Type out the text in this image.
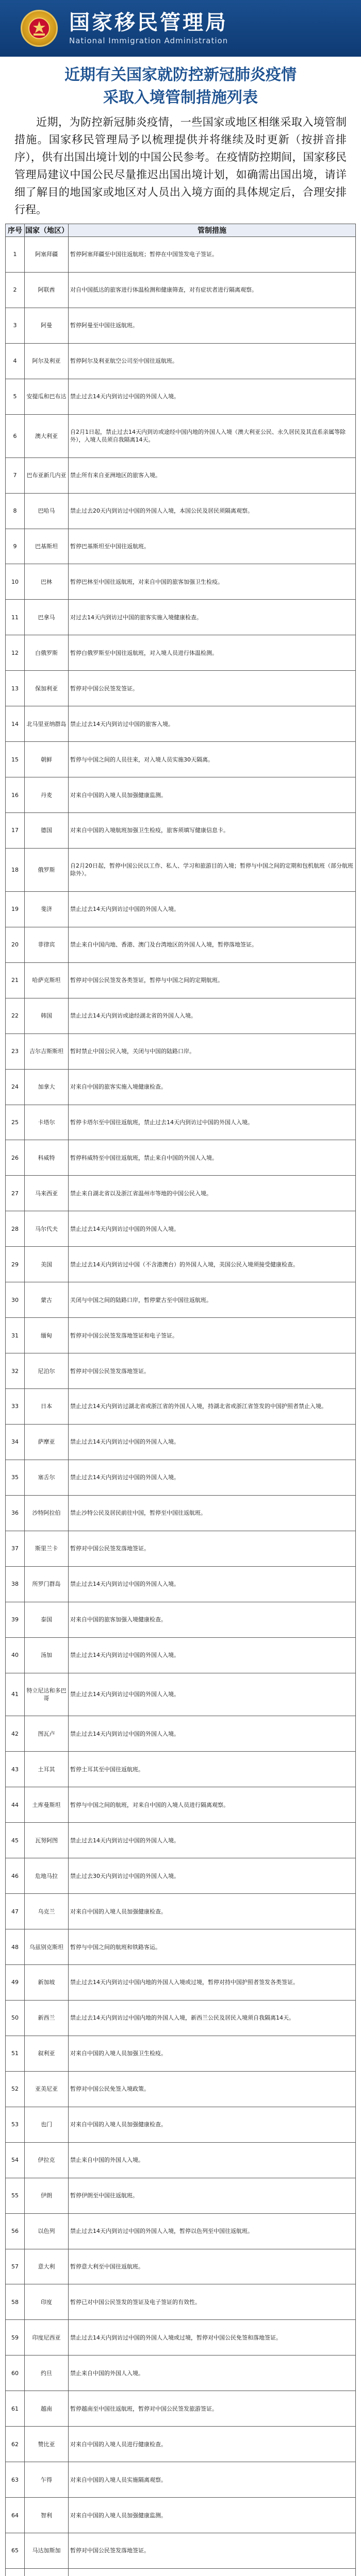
国家移民管理局
National Immigration Administration
近期有关国家就防控新冠肺炎疫情
采取入境管制措施列表
近期，为防控新冠肺炎疫情，一些国家或地区相继采取入境管制措施。国家移民管理局予以梳理提供并将继续及时更新（按拼音排序），供有出国出境计划的中国公民参考。在疫情防控期间，国家移民管理局建议中国公民尽量推迟出国出境计划，如确需出国出境，请详细了解目的地国家或地区对人员出入境方面的具体规定后，合理安排行程。
序号	国家（地区）	管制措施
1	阿塞拜疆	暂停阿塞拜疆至中国往返航班；暂停在中国签发电子签证。
2	阿联酋	对自中国抵达的旅客进行体温检测和健康筛查，对有症状者进行隔离观察。
3	阿曼	暂停阿曼至中国往返航班。
4	阿尔及利亚	暂停阿尔及利亚航空公司至中国往返航班。
5	安提瓜和巴布达	禁止过去14天内到访过中国的外国人入境。
6	澳大利亚	自2月1日起，禁止过去14天内到访或途经中国内地的外国人入境（澳大利亚公民、永久居民及其直系亲属等除外），入境人员须自我隔离14天。
7	巴布亚新几内亚	禁止所有来自亚洲地区的旅客入境。
8	巴哈马	禁止过去20天内到访过中国的外国人入境，本国公民及居民须隔离观察。
9	巴基斯坦	暂停巴基斯坦至中国往返航班。
10	巴林	暂停巴林至中国往返航班，对来自中国的旅客加强卫生检疫。
11	巴拿马	对过去14天内到访过中国的旅客实施入境健康检查。
12	白俄罗斯	暂停白俄罗斯至中国往返航班，对入境人员进行体温检测。
13	保加利亚	暂停对中国公民签发签证。
14	北马里亚纳群岛	禁止过去14天内到访过中国的旅客入境。
15	朝鲜	暂停与中国之间的人员往来，对入境人员实施30天隔离。
16	丹麦	对来自中国的入境人员加强健康监测。
17	德国	对来自中国的入境航班加强卫生检疫，旅客须填写健康信息卡。
18	俄罗斯	自2月20日起，暂停中国公民以工作、私人、学习和旅游目的入境；暂停与中国之间的定期和包机航班（部分航班除外）。
19	斐济	禁止过去14天内到访过中国的外国人入境。
20	菲律宾	禁止来自中国内地、香港、澳门及台湾地区的外国人入境，暂停落地签证。
21	哈萨克斯坦	暂停对中国公民签发各类签证，暂停与中国之间的定期航班。
22	韩国	禁止过去14天内到访或途经湖北省的外国人入境。
23	吉尔吉斯斯坦	暂时禁止中国公民入境，关闭与中国的陆路口岸。
24	加拿大	对来自中国的旅客实施入境健康检查。
25	卡塔尔	暂停卡塔尔至中国往返航班，禁止过去14天内到访过中国的外国人入境。
26	科威特	暂停科威特至中国往返航班，禁止来自中国的外国人入境。
27	马来西亚	禁止来自湖北省以及浙江省温州市等地的中国公民入境。
28	马尔代夫	禁止过去14天内到访过中国的外国人入境。
29	美国	禁止过去14天内到访过中国（不含港澳台）的外国人入境，美国公民入境须接受健康检查。
30	蒙古	关闭与中国之间的陆路口岸，暂停蒙古至中国往返航班。
31	缅甸	暂停对中国公民签发落地签证和电子签证。
32	尼泊尔	暂停对中国公民签发落地签证。
33	日本	禁止过去14天内到访过湖北省或浙江省的外国人入境，持湖北省或浙江省签发的中国护照者禁止入境。
34	萨摩亚	禁止过去14天内到访过中国的外国人入境。
35	塞舌尔	禁止过去14天内到访过中国的外国人入境。
36	沙特阿拉伯	禁止沙特公民及居民前往中国，暂停至中国往返航班。
37	斯里兰卡	暂停对中国公民签发落地签证。
38	所罗门群岛	禁止过去14天内到访过中国的外国人入境。
39	泰国	对来自中国的旅客加强入境健康检查。
40	汤加	禁止过去14天内到访过中国的外国人入境。
41	特立尼达和多巴哥	禁止过去14天内到访过中国的外国人入境。
42	图瓦卢	禁止过去14天内到访过中国的外国人入境。
43	土耳其	暂停土耳其至中国往返航班。
44	土库曼斯坦	暂停与中国之间的航班，对来自中国的入境人员进行隔离观察。
45	瓦努阿图	禁止过去14天内到访过中国的外国人入境。
46	危地马拉	禁止过去30天内到访过中国的外国人入境。
47	乌克兰	对来自中国的入境人员加强健康检查。
48	乌兹别克斯坦	暂停与中国之间的航班和铁路客运。
49	新加坡	禁止过去14天内到访过中国内地的外国人入境或过境，暂停对持中国护照者签发各类签证。
50	新西兰	禁止过去14天内到访过中国内地的外国人入境，新西兰公民及居民入境须自我隔离14天。
51	叙利亚	对来自中国的入境人员加强卫生检疫。
52	亚美尼亚	暂停对中国公民免签入境政策。
53	也门	对来自中国的入境人员加强健康检查。
54	伊拉克	禁止来自中国的外国人入境。
55	伊朗	暂停伊朗至中国往返航班。
56	以色列	禁止过去14天内到访过中国的外国人入境，暂停以色列至中国往返航班。
57	意大利	暂停意大利至中国往返航班。
58	印度	暂停已对中国公民签发的签证及电子签证的有效性。
59	印度尼西亚	禁止过去14天内到访过中国的外国人入境或过境，暂停对中国公民免签和落地签证。
60	约旦	禁止来自中国的外国人入境。
61	越南	暂停越南至中国往返航班，暂停对中国公民签发旅游签证。
62	赞比亚	对来自中国的入境人员进行健康检查。
63	乍得	对来自中国的入境人员实施隔离观察。
64	智利	对来自中国的入境人员加强健康监测。
65	马达加斯加	暂停对中国公民签发落地签证。
